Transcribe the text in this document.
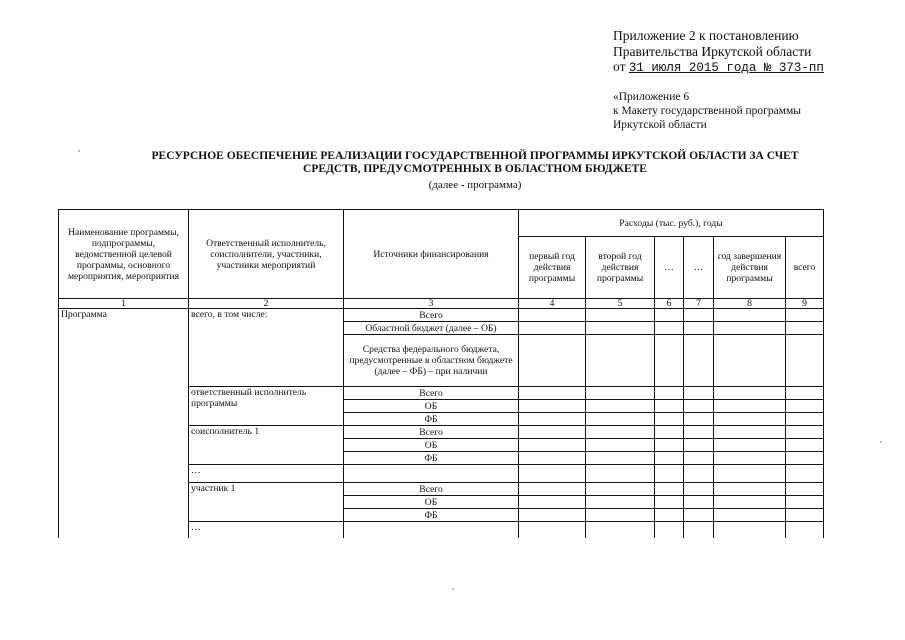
Приложение 2 к постановлению
Правительства Иркутской области
от 31 июля 2015 года № 373-пп
«Приложение 6
к Макету государственной программы
Иркутской области
РЕСУРСНОЕ ОБЕСПЕЧЕНИЕ РЕАЛИЗАЦИИ ГОСУДАРСТВЕННОЙ ПРОГРАММЫ ИРКУТСКОЙ ОБЛАСТИ ЗА СЧЕТ
СРЕДСТВ, ПРЕДУСМОТРЕННЫХ В ОБЛАСТНОМ БЮДЖЕТЕ
(далее - программа)
Наименование программы, подпрограммы, ведомственной целевой программы, основного мероприятия, мероприятия	Ответственный исполнитель, соисполнители, участники, участники мероприятий	Источники финансирования	Расходы (тыс. руб.), годы					
			первый год действия программы	второй год действия программы	…	…	год завершения действия программы	всего
1	2	3	4	5	6	7	8	9
Программа	всего, в том числе:	Всего						
		Областной бюджет (далее – ОБ)						
		Средства федерального бюджета, предусмотренные в областном бюджете (далее – ФБ) – при наличии						
	ответственный исполнитель программы	Всего						
		ОБ						
		ФБ						
	соисполнитель 1	Всего						
		ОБ						
		ФБ						
	…							
	участник 1	Всего						
		ОБ						
		ФБ						
	…							
